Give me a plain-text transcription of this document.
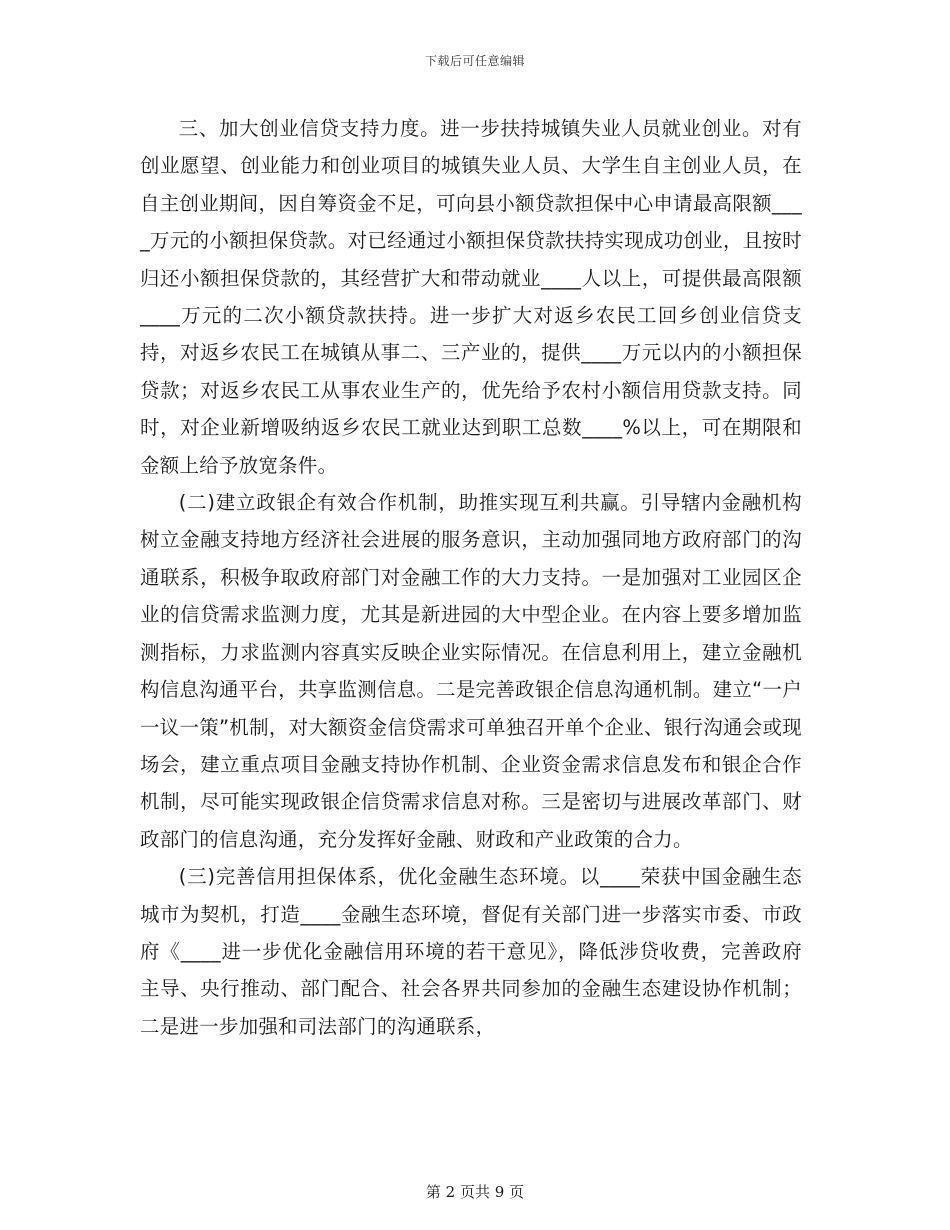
下载后可任意编辑

三、加大创业信贷支持力度。进一步扶持城镇失业人员就业创业。对有创业愿望、创业能力和创业项目的城镇失业人员、大学生自主创业人员，在自主创业期间，因自筹资金不足，可向县小额贷款担保中心申请最高限额____万元的小额担保贷款。对已经通过小额担保贷款扶持实现成功创业，且按时归还小额担保贷款的，其经营扩大和带动就业____人以上，可提供最高限额____万元的二次小额贷款扶持。进一步扩大对返乡农民工回乡创业信贷支持，对返乡农民工在城镇从事二、三产业的，提供____万元以内的小额担保贷款；对返乡农民工从事农业生产的，优先给予农村小额信用贷款支持。同时，对企业新增吸纳返乡农民工就业达到职工总数____%以上，可在期限和金额上给予放宽条件。

(二)建立政银企有效合作机制，助推实现互利共赢。引导辖内金融机构树立金融支持地方经济社会进展的服务意识，主动加强同地方政府部门的沟通联系，积极争取政府部门对金融工作的大力支持。一是加强对工业园区企业的信贷需求监测力度，尤其是新进园的大中型企业。在内容上要多增加监测指标，力求监测内容真实反映企业实际情况。在信息利用上，建立金融机构信息沟通平台，共享监测信息。二是完善政银企信息沟通机制。建立“一户一议一策”机制，对大额资金信贷需求可单独召开单个企业、银行沟通会或现场会，建立重点项目金融支持协作机制、企业资金需求信息发布和银企合作机制，尽可能实现政银企信贷需求信息对称。三是密切与进展改革部门、财政部门的信息沟通，充分发挥好金融、财政和产业政策的合力。

(三)完善信用担保体系，优化金融生态环境。以____荣获中国金融生态城市为契机，打造____金融生态环境，督促有关部门进一步落实市委、市政府《____进一步优化金融信用环境的若干意见》，降低涉贷收费，完善政府主导、央行推动、部门配合、社会各界共同参加的金融生态建设协作机制；二是进一步加强和司法部门的沟通联系，

第 2 页共 9 页
